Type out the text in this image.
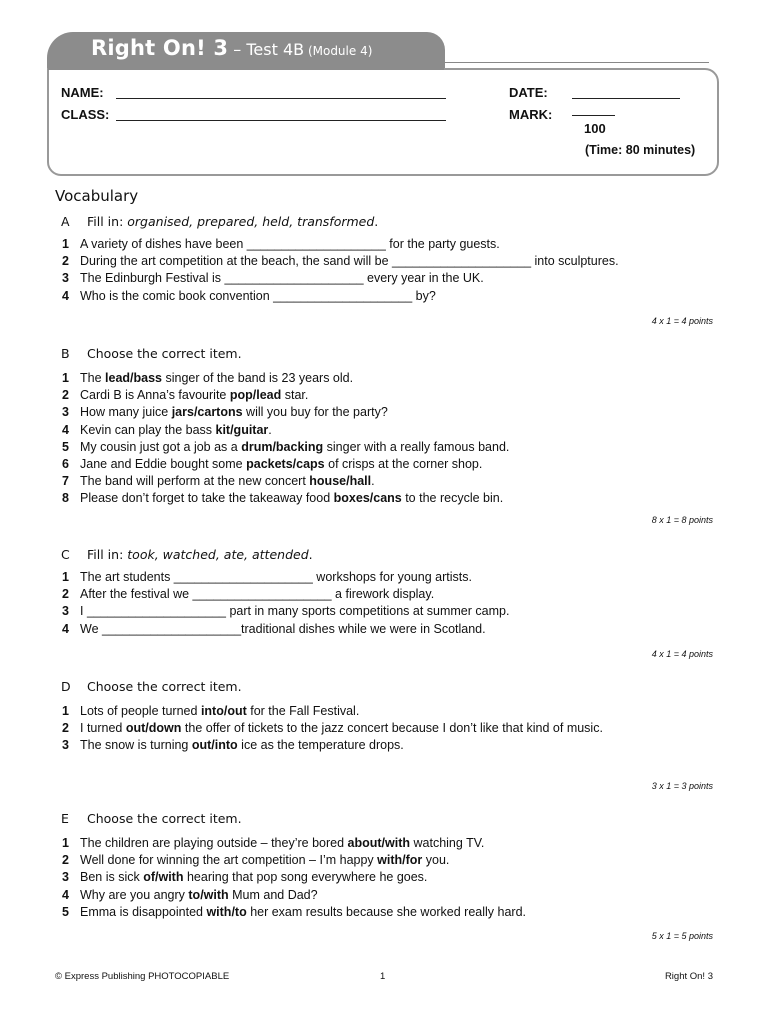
Right On! 3 – Test 4B (Module 4)
NAME:
CLASS:
DATE:
MARK:
100
(Time: 80 minutes)
Vocabulary
A Fill in: organised, prepared, held, transformed.
1 A variety of dishes have been ____________________ for the party guests.
2 During the art competition at the beach, the sand will be ____________________ into sculptures.
3 The Edinburgh Festival is ____________________ every year in the UK.
4 Who is the comic book convention ____________________ by?
4 x 1 = 4 points
B Choose the correct item.
1 The lead/bass singer of the band is 23 years old.
2 Cardi B is Anna’s favourite pop/lead star.
3 How many juice jars/cartons will you buy for the party?
4 Kevin can play the bass kit/guitar.
5 My cousin just got a job as a drum/backing singer with a really famous band.
6 Jane and Eddie bought some packets/caps of crisps at the corner shop.
7 The band will perform at the new concert house/hall.
8 Please don’t forget to take the takeaway food boxes/cans to the recycle bin.
8 x 1 = 8 points
C Fill in: took, watched, ate, attended.
1 The art students ____________________ workshops for young artists.
2 After the festival we ____________________ a firework display.
3 I ____________________ part in many sports competitions at summer camp.
4 We ____________________traditional dishes while we were in Scotland.
4 x 1 = 4 points
D Choose the correct item.
1 Lots of people turned into/out for the Fall Festival.
2 I turned out/down the offer of tickets to the jazz concert because I don’t like that kind of music.
3 The snow is turning out/into ice as the temperature drops.
3 x 1 = 3 points
E Choose the correct item.
1 The children are playing outside – they’re bored about/with watching TV.
2 Well done for winning the art competition – I’m happy with/for you.
3 Ben is sick of/with hearing that pop song everywhere he goes.
4 Why are you angry to/with Mum and Dad?
5 Emma is disappointed with/to her exam results because she worked really hard.
5 x 1 = 5 points
© Express Publishing PHOTOCOPIABLE	1	Right On! 3
